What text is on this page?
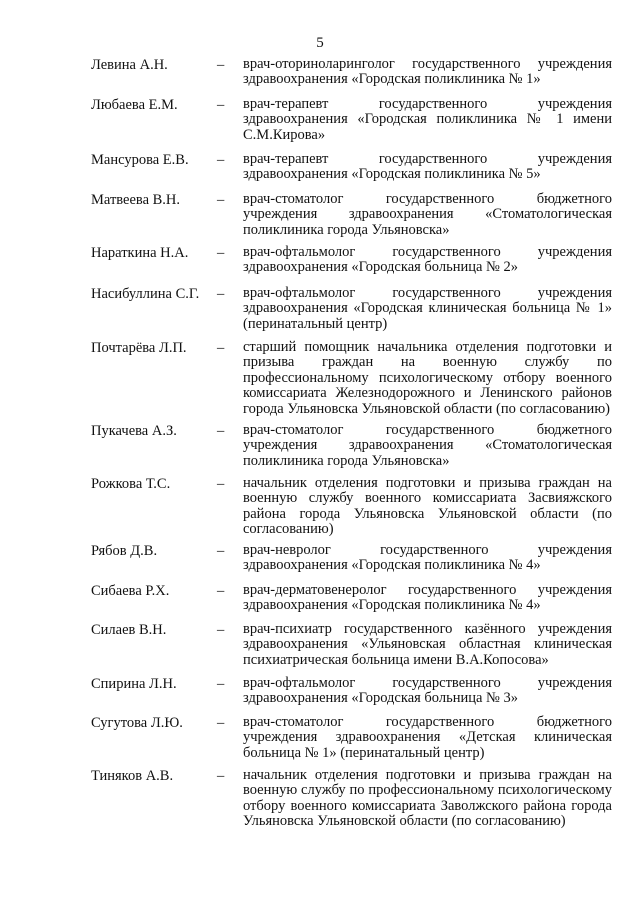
5
Левина А.Н.	– врач-оториноларинголог государственного учреждения здравоохранения «Городская поликлиника № 1»
Любаева Е.М.	– врач-терапевт государственного учреждения здравоохранения «Городская поликлиника № 1 имени С.М.Кирова»
Мансурова Е.В. – врач-терапевт государственного учреждения здравоохранения «Городская поликлиника № 5»
Матвеева В.Н.	– врач-стоматолог государственного бюджетного учреждения здравоохранения «Стоматологическая поликлиника города Ульяновска»
Нараткина Н.А. – врач-офтальмолог государственного учреждения здравоохранения «Городская больница № 2»
Насибуллина С.Г. – врач-офтальмолог государственного учреждения здравоохранения «Городская клиническая больница № 1» (перинатальный центр)
Почтарёва Л.П. – старший помощник начальника отделения подготовки и призыва граждан на военную службу по профессиональному психологическому отбору военного комиссариата Железнодорожного и Ленинского районов города Ульяновска Ульяновской области (по согласованию)
Пукачева А.З.	– врач-стоматолог государственного бюджетного учреждения здравоохранения «Стоматологическая поликлиника города Ульяновска»
Рожкова Т.С.	– начальник отделения подготовки и призыва граждан на военную службу военного комиссариата Засвияжского района города Ульяновска Ульяновской области (по согласованию)
Рябов Д.В.	– врач-невролог государственного учреждения здравоохранения «Городская поликлиника № 4»
Сибаева Р.Х.	– врач-дерматовенеролог государственного учреждения здравоохранения «Городская поликлиника № 4»
Силаев В.Н.	– врач-психиатр государственного казённого учреждения здравоохранения «Ульяновская областная клиническая психиатрическая больница имени В.А.Копосова»
Спирина Л.Н.	– врач-офтальмолог государственного учреждения здравоохранения «Городская больница № 3»
Сугутова Л.Ю. – врач-стоматолог государственного бюджетного учреждения здравоохранения «Детская клиническая больница № 1» (перинатальный центр)
Тиняков А.В.	– начальник отделения подготовки и призыва граждан на военную службу по профессиональному психологическому отбору военного комиссариата Заволжского района города Ульяновска Ульяновской области (по согласованию)
